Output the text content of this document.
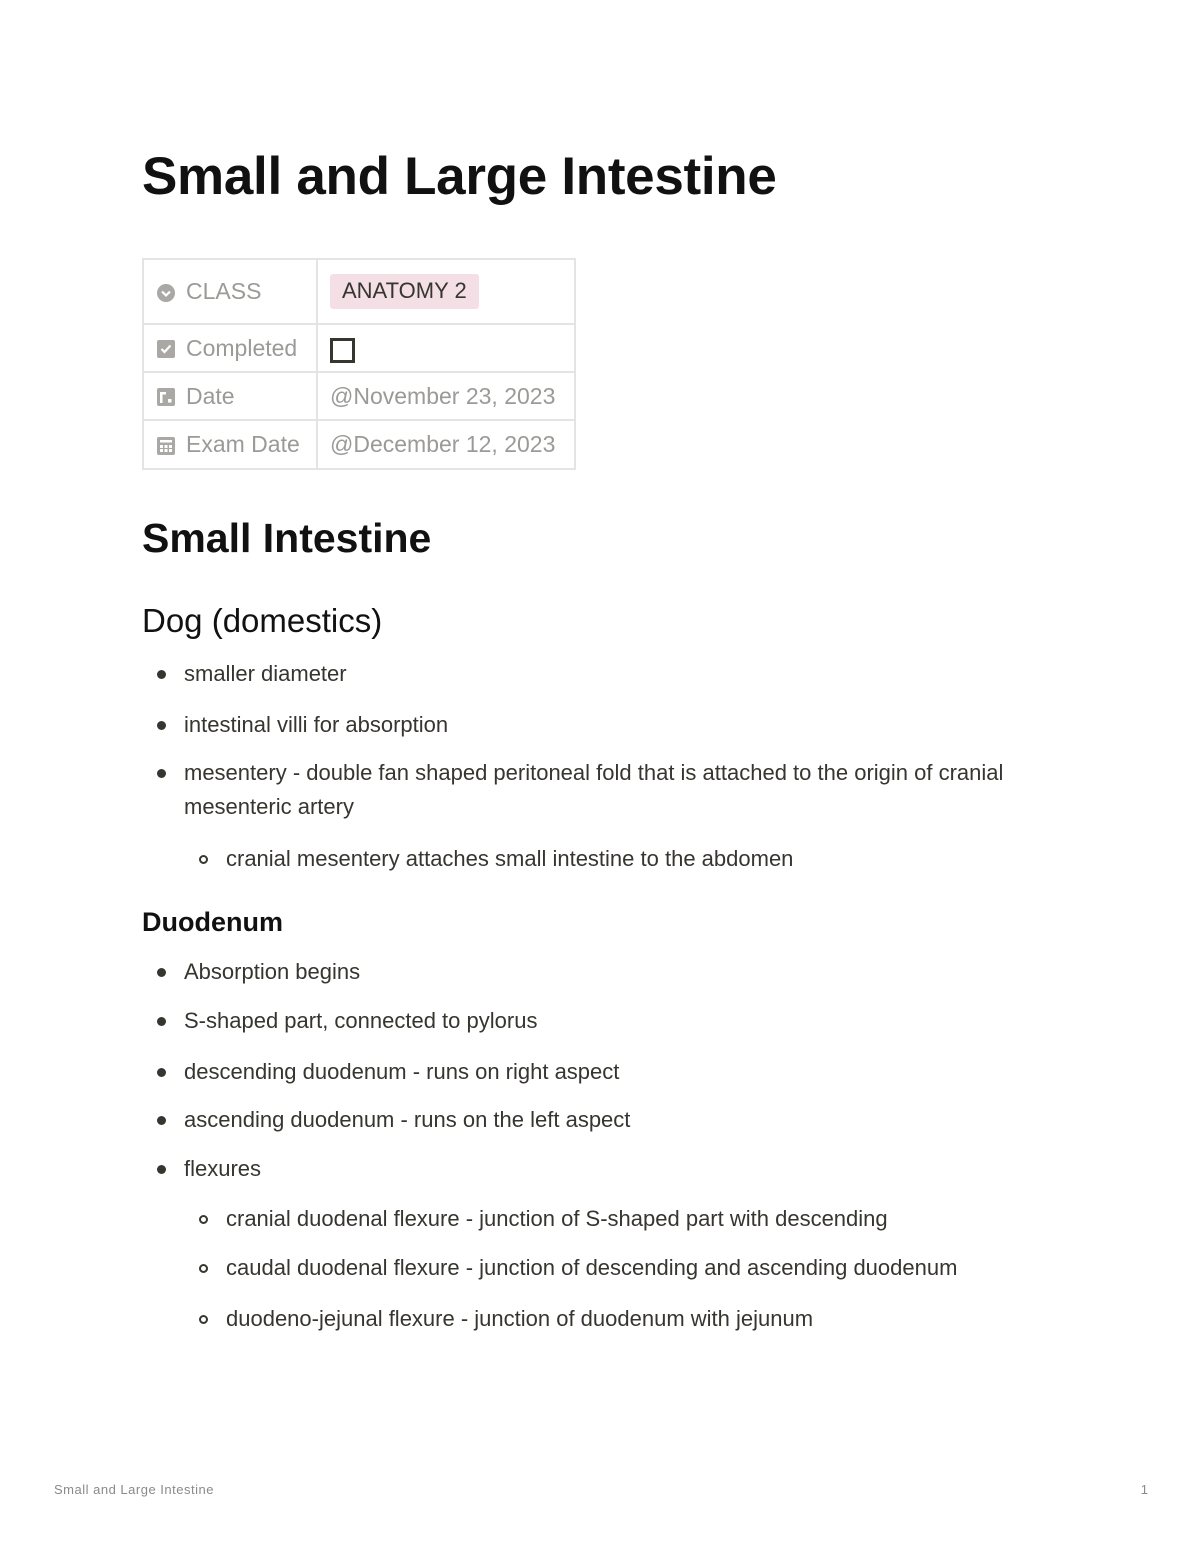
Small and Large Intestine
CLASS	ANATOMY 2

Completed	

Date	@November 23, 2023

Exam Date	@December 12, 2023
Small Intestine
Dog (domestics)
smaller diameter
intestinal villi for absorption
mesentery - double fan shaped peritoneal fold that is attached to the origin of cranial mesenteric artery
cranial mesentery attaches small intestine to the abdomen
Duodenum
Absorption begins
S-shaped part, connected to pylorus
descending duodenum - runs on right aspect
ascending duodenum - runs on the left aspect
flexures
cranial duodenal flexure - junction of S-shaped part with descending
caudal duodenal flexure - junction of descending and ascending duodenum
duodeno-jejunal flexure - junction of duodenum with jejunum
Small and Large Intestine	1
